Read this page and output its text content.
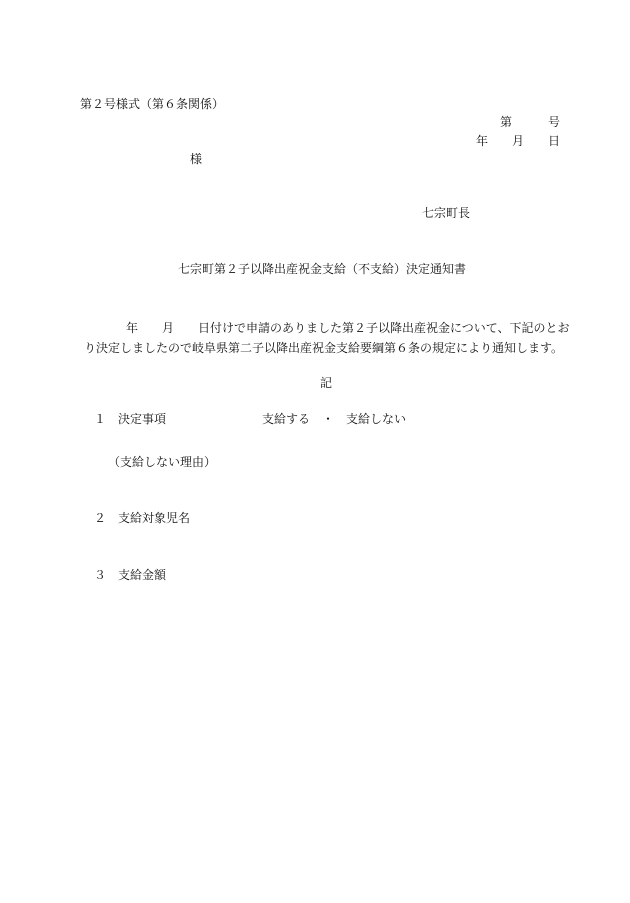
第２号様式（第６条関係）
第　　　号
年　　月　　日
様
七宗町長
七宗町第２子以降出産祝金支給（不支給）決定通知書
年　　月　　日付けで申請のありました第２子以降出産祝金について、下記のとお
り決定しましたので岐阜県第二子以降出産祝金支給要綱第６条の規定により通知します。
記
１　決定事項	支給する　・　支給しない
（支給しない理由）
２　支給対象児名
３　支給金額
